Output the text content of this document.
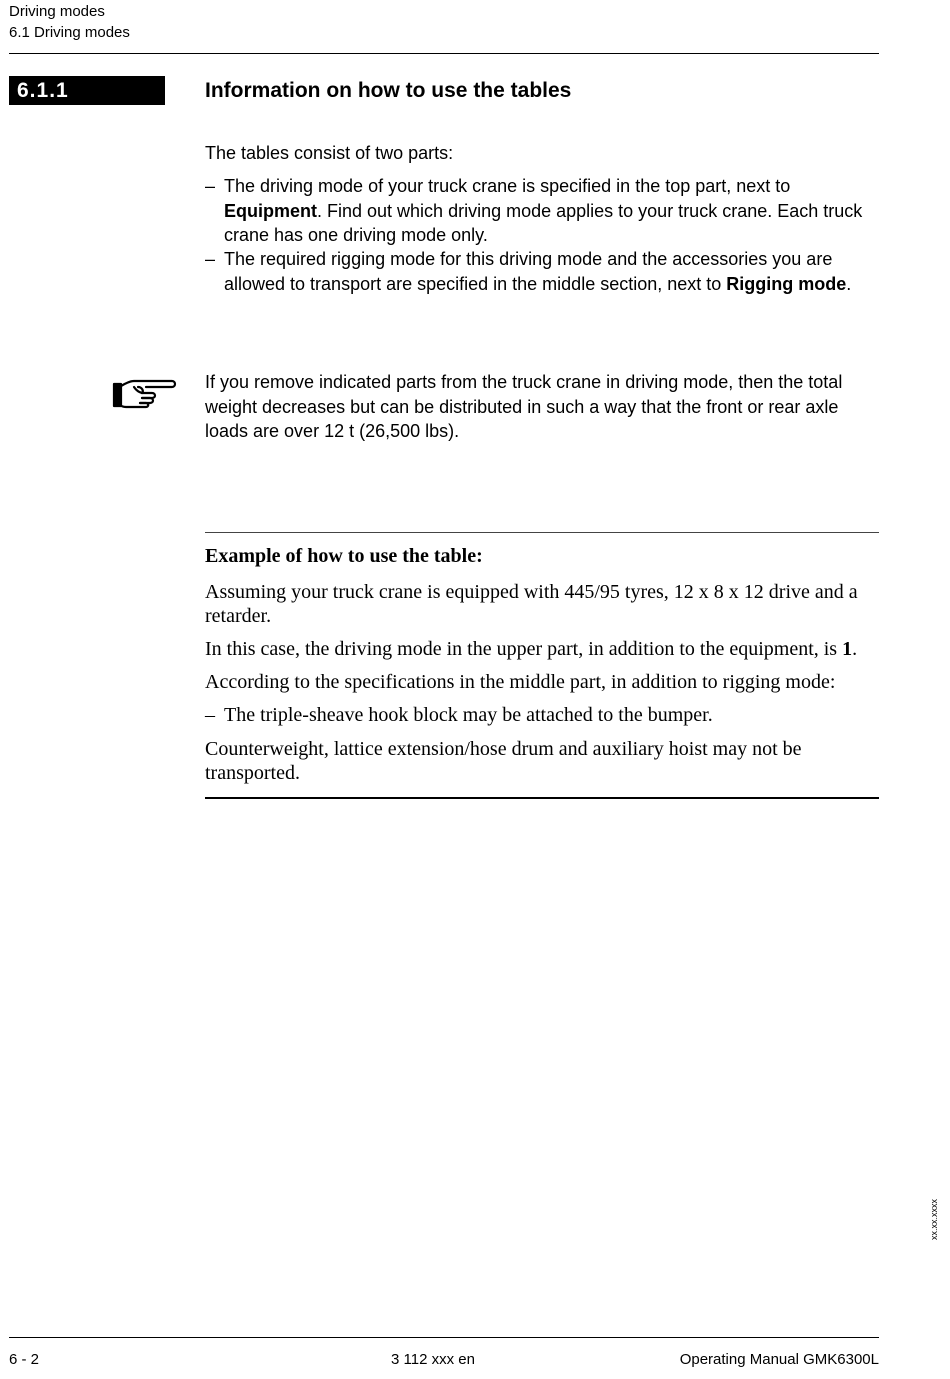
Driving modes
6.1 Driving modes
6.1.1	Information on how to use the tables
The tables consist of two parts:
– The driving mode of your truck crane is specified in the top part, next to Equipment. Find out which driving mode applies to your truck crane. Each truck crane has one driving mode only.
– The required rigging mode for this driving mode and the accessories you are allowed to transport are specified in the middle section, next to Rigging mode.
If you remove indicated parts from the truck crane in driving mode, then the total weight decreases but can be distributed in such a way that the front or rear axle loads are over 12 t (26,500 lbs).
Example of how to use the table:
Assuming your truck crane is equipped with 445/95 tyres, 12 x 8 x 12 drive and a retarder.
In this case, the driving mode in the upper part, in addition to the equipment, is 1.
According to the specifications in the middle part, in addition to rigging mode:
– The triple-sheave hook block may be attached to the bumper.
Counterweight, lattice extension/hose drum and auxiliary hoist may not be transported.
xx.xx.xxxx
6 - 2	3 112 xxx en	Operating Manual GMK6300L
